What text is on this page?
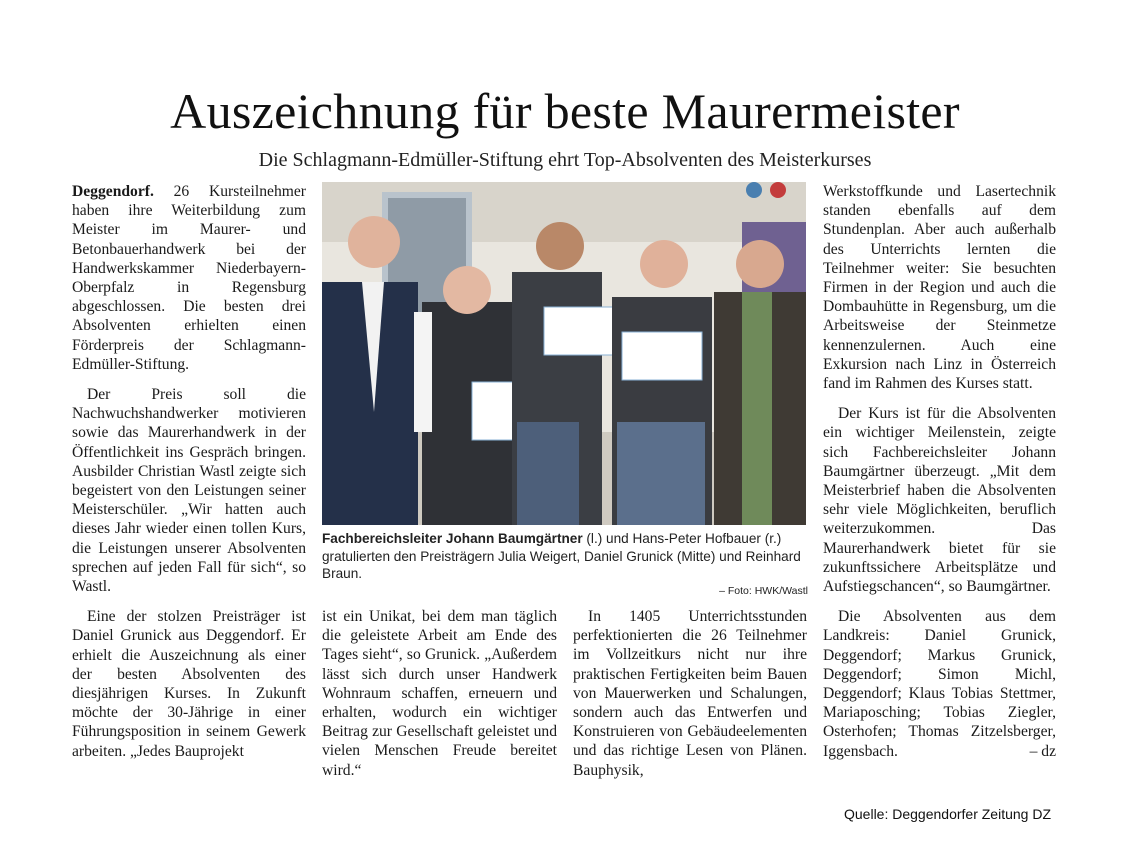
Auszeichnung für beste Maurermeister
Die Schlagmann-Edmüller-Stiftung ehrt Top-Absolventen des Meisterkurses

Deggendorf. 26 Kursteilnehmer haben ihre Weiterbildung zum Meister im Maurer- und Betonbauerhandwerk bei der Handwerkskammer Niederbayern-Oberpfalz in Regensburg abgeschlossen. Die besten drei Absolventen erhielten einen Förderpreis der Schlagmann-Edmüller-Stiftung.

Der Preis soll die Nachwuchshandwerker motivieren sowie das Maurerhandwerk in der Öffentlichkeit ins Gespräch bringen. Ausbilder Christian Wastl zeigte sich begeistert von den Leistungen seiner Meisterschüler. „Wir hatten auch dieses Jahr wieder einen tollen Kurs, die Leistungen unserer Absolventen sprechen auf jeden Fall für sich“, so Wastl.

Eine der stolzen Preisträger ist Daniel Grunick aus Deggendorf. Er erhielt die Auszeichnung als einer der besten Absolventen des diesjährigen Kurses. In Zukunft möchte der 30-Jährige in einer Führungsposition in seinem Gewerk arbeiten. „Jedes Bauprojekt

Fachbereichsleiter Johann Baumgärtner (l.) und Hans-Peter Hofbauer (r.) gratulierten den Preisträgern Julia Weigert, Daniel Grunick (Mitte) und Reinhard Braun.
– Foto: HWK/Wastl

ist ein Unikat, bei dem man täglich die geleistete Arbeit am Ende des Tages sieht“, so Grunick. „Außerdem lässt sich durch unser Handwerk Wohnraum schaffen, erneuern und erhalten, wodurch ein wichtiger Beitrag zur Gesellschaft geleistet und vielen Menschen Freude bereitet wird.“

In 1405 Unterrichtsstunden perfektionierten die 26 Teilnehmer im Vollzeitkurs nicht nur ihre praktischen Fertigkeiten beim Bauen von Mauerwerken und Schalungen, sondern auch das Entwerfen und Konstruieren von Gebäudeelementen und das richtige Lesen von Plänen. Bauphysik,

Werkstoffkunde und Lasertechnik standen ebenfalls auf dem Stundenplan. Aber auch außerhalb des Unterrichts lernten die Teilnehmer weiter: Sie besuchten Firmen in der Region und auch die Dombauhütte in Regensburg, um die Arbeitsweise der Steinmetze kennenzulernen. Auch eine Exkursion nach Linz in Österreich fand im Rahmen des Kurses statt.

Der Kurs ist für die Absolventen ein wichtiger Meilenstein, zeigte sich Fachbereichsleiter Johann Baumgärtner überzeugt. „Mit dem Meisterbrief haben die Absolventen sehr viele Möglichkeiten, beruflich weiterzukommen. Das Maurerhandwerk bietet für sie zukunftssichere Arbeitsplätze und Aufstiegschancen“, so Baumgärtner.

Die Absolventen aus dem Landkreis: Daniel Grunick, Deggendorf; Markus Grunick, Deggendorf; Simon Michl, Deggendorf; Klaus Tobias Stettmer, Mariaposching; Tobias Ziegler, Osterhofen; Thomas Zitzelsberger, Iggensbach.	– dz

Quelle: Deggendorfer Zeitung DZ
